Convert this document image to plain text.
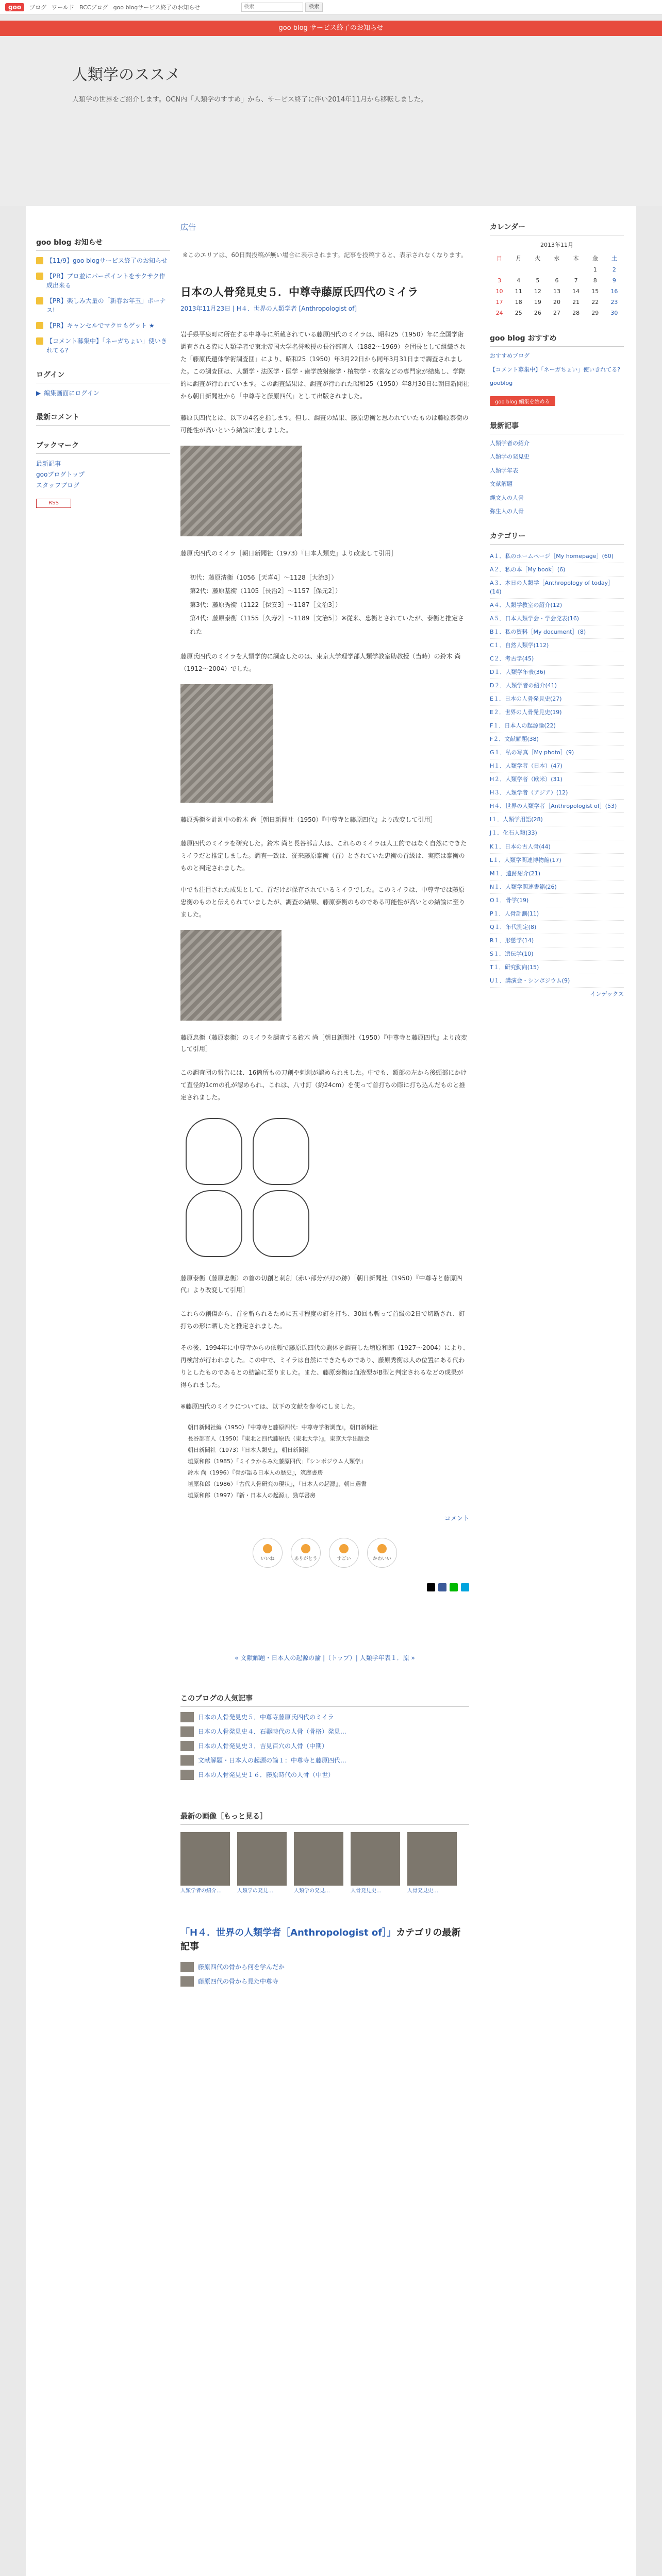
goo	ブログ ワールド BCCブログ goo blogサービス終了のお知らせ
検索	検索
goo blog サービス終了のお知らせ
人類学のススメ

人類学の世界をご紹介します。OCN内「人類学のすすめ」から、サービス終了に伴い2014年11月から移転しました。

goo blog お知らせ
【11/9】goo blogサービス終了のお知らせ
【PR】プロ並にパーポイントをサクサク作成出来る
【PR】楽しみ大量の「新春お年玉」ボーナス!
【PR】キャンセルでマクロもゲット ★
【コメント募集中】「ネーガちょい」使いきれてる?
ログイン
▶ 編集画面にログイン
最新コメント
ブックマーク
最新記事
gooブログトップ
スタッフブログ
RSS
広告
※このエリアは、60日間投稿が無い場合に表示されます。記事を投稿すると、表示されなくなります。
日本の人骨発見史５．中尊寺藤原氏四代のミイラ
2013年11月23日 | H４．世界の人類学者 [Anthropologist of]

岩手県平泉町に所在する中尊寺に所蔵されている藤原四代のミイラは、昭和25（1950）年に全国学術調査される際に人類学者で東北帝国大学名誉教授の長谷部言人（1882～1969）を団長として組織された「藤原氏遺体学術調査団」により、昭和25（1950）年3月22日から同年3月31日まで調査されました。この調査団は、人類学・法医学・医学・歯学放射線学・植物学・衣裳などの専門家が結集し、学際的に調査が行われています。この調査結果は、調査が行われた昭和25（1950）年8月30日に朝日新聞社から朝日新聞社から「中尊寺と藤原四代」として出版されました。

藤原氏四代とは、以下の4名を指します。但し、調査の結果、藤原忠衡と思われていたものは藤原泰衡の可能性が高いという結論に達しました。

藤原氏四代のミイラ［朝日新聞社（1973）『日本人類史』より改変して引用］
初代：藤原清衡（1056［天喜4］～1128［大治3］）
第2代：藤原基衡（1105［長治2］～1157［保元2］）
第3代：藤原秀衡（1122［保安3］～1187［文治3］）
第4代：藤原泰衡（1155［久寿2］～1189［文治5］）※従来、忠衡とされていたが、泰衡と推定された

藤原氏四代のミイラを人類学的に調査したのは、東京大学理学部人類学教室助教授（当時）の鈴木 尚（1912～2004）でした。

藤原秀衡を計測中の鈴木 尚［朝日新聞社（1950）『中尊寺と藤原四代』より改変して引用］

藤原四代のミイラを研究した。鈴木 尚と長谷部言人は、これらのミイラは人工的ではなく自然にできたミイラだと推定しました。調査一致は、従来藤原泰衡（首）とされていた忠衡の首級は、実際は泰衡のものと判定されました。

中でも注目された成果として、首だけが保存されているミイラでした。このミイラは、中尊寺では藤原忠衡のものと伝えられていましたが、調査の結果、藤原泰衡のものである可能性が高いとの結論に至りました。

藤原忠衡（藤原泰衡）のミイラを調査する鈴木 尚［朝日新聞社（1950）『中尊寺と藤原四代』より改変して引用］

この調査団の報告には、16箇所もの刀創や刺創が認められました。中でも、額部の左から後頭部にかけて直径約1cmの孔が認められ、これは、八寸釘（約24cm）を使って首打ちの際に打ち込んだものと推定されました。

藤原泰衡（藤原忠衡）の首の切創と刺創（赤い部分が刃の跡）［朝日新聞社（1950）『中尊寺と藤原四代』より改変して引用］

これらの創傷から、首を斬られるために五寸程度の釘を打ち、30回も斬って首級の2日で切断され、釘打ちの形に晒したと推定されました。

その後、1994年に中尊寺からの依頼で藤原氏四代の遺体を調査した埴原和郎（1927～2004）により、再検討が行われました。この中で、ミイラは自然にできたものであり、藤原秀衡は人の位置にある代わりとしたものであるとの結論に至りました。また、藤原泰衡は血液型がB型と判定されるなどの成果が得られました。

※藤原四代のミイラについては、以下の文献を参考にしました。

朝日新聞社編（1950）『中尊寺と藤原四代：中尊寺学術調査』，朝日新聞社
長谷部言人（1950）『東北と四代藤原氏（東北大学）』，東京大学出版会
朝日新聞社（1973）『日本人類史』，朝日新聞社
埴原和郎（1985）「ミイラからみた藤原四代」『シンポジウム人類学』
鈴木 尚（1996）『骨が語る日本人の歴史』，筑摩書房
埴原和郎（1986）「古代人骨研究の現状」，『日本人の起源』，朝日選書
埴原和郎（1997）『新・日本人の起源』，勁草書房
コメント
いいね	ありがとう	すごい	かわいい
« 文献解題・日本人の起源の論 |（トップ）| 人類学年表１．原 »
このブログの人気記事
日本の人骨発見史５．中尊寺藤原氏四代のミイラ
日本の人骨発見史４．石器時代の人骨（骨格）発見...
日本の人骨発見史３．吉見百穴の人骨（中期）
文献解題・日本人の起源の論１：中尊寺と藤原四代...
日本の人骨発見史１６．藤原時代の人骨（中世）
最新の画像［もっと見る］
人類学者の紹介…	人類学の発見…	人類学の発見…	人骨発見史…	人骨発見史…
「H４．世界の人類学者［Anthropologist of］」カテゴリの最新記事
藤原四代の骨から何を学んだか
藤原四代の骨から見た中尊寺
カレンダー
2013年11月
日	月	火	水	木	金	土
					1	2
3	4	5	6	7	8	9
10	11	12	13	14	15	16
17	18	19	20	21	22	23
24	25	26	27	28	29	30
goo blog おすすめ
おすすめブログ
【コメント募集中】「ネーガちょい」使いきれてる?
gooblog
goo blog 編集を始める
最新記事
人類学者の紹介
人類学の発見史
人類学年表
文献解題
縄文人の人骨
弥生人の人骨
カテゴリー
A１．私のホームページ［My homepage］(60)
A２．私の本［My book］(6)
A３．本日の人類学［Anthropology of today］(14)
A４．人類学教室の紹介(12)
A５．日本人類学会・学会発表(16)
B１．私の資料［My document］(8)
C１．自然人類学(112)
C２．考古学(45)
D１．人類学年表(36)
D２．人類学者の紹介(41)
E１．日本の人骨発見史(27)
E２．世界の人骨発見史(19)
F１．日本人の起源論(22)
F２．文献解題(38)
G１．私の写真［My photo］(9)
H１．人類学者（日本）(47)
H２．人類学者（欧米）(31)
H３．人類学者（アジア）(12)
H４．世界の人類学者［Anthropologist of］(53)
I１．人類学用語(28)
J１．化石人類(33)
K１．日本の古人骨(44)
L１．人類学関連博物館(17)
M１．遺跡紹介(21)
N１．人類学関連書籍(26)
O１．骨学(19)
P１．人骨計測(11)
Q１．年代測定(8)
R１．形態学(14)
S１．遺伝学(10)
T１．研究動向(15)
U１．講演会・シンポジウム(9)
インデックス
